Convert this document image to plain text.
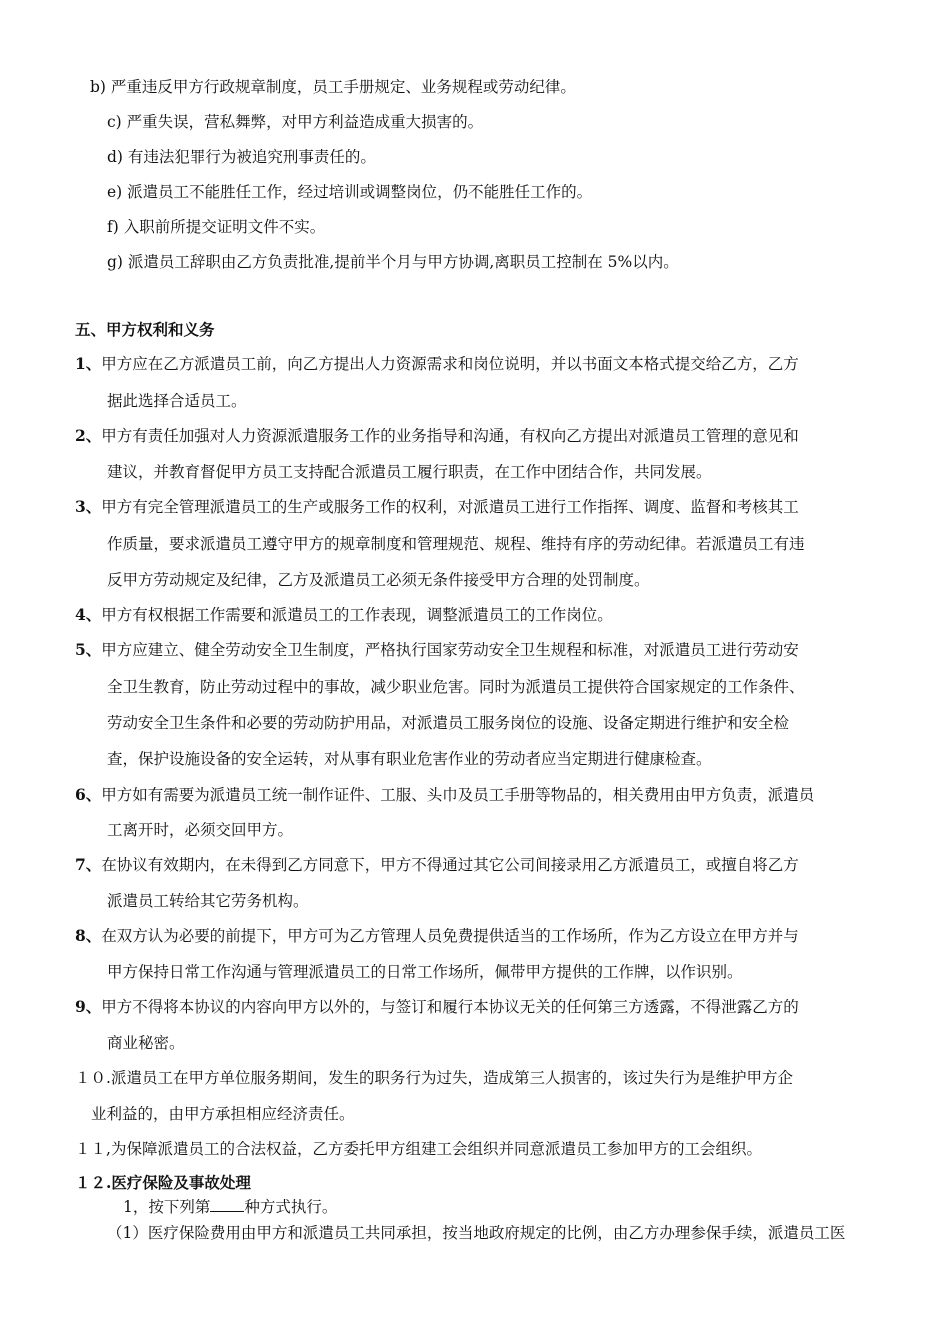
b) 严重违反甲方行政规章制度，员工手册规定、业务规程或劳动纪律。
c) 严重失误，营私舞弊，对甲方利益造成重大损害的。
d) 有违法犯罪行为被追究刑事责任的。
e) 派遣员工不能胜任工作，经过培训或调整岗位，仍不能胜任工作的。
f) 入职前所提交证明文件不实。
g) 派遣员工辞职由乙方负责批准,提前半个月与甲方协调,离职员工控制在 5%以内。
五、甲方权利和义务
1、甲方应在乙方派遣员工前，向乙方提出人力资源需求和岗位说明，并以书面文本格式提交给乙方，乙方
据此选择合适员工。
2、甲方有责任加强对人力资源派遣服务工作的业务指导和沟通，有权向乙方提出对派遣员工管理的意见和
建议，并教育督促甲方员工支持配合派遣员工履行职责，在工作中团结合作，共同发展。
3、甲方有完全管理派遣员工的生产或服务工作的权利，对派遣员工进行工作指挥、调度、监督和考核其工
作质量，要求派遣员工遵守甲方的规章制度和管理规范、规程、维持有序的劳动纪律。若派遣员工有违
反甲方劳动规定及纪律，乙方及派遣员工必须无条件接受甲方合理的处罚制度。
4、甲方有权根据工作需要和派遣员工的工作表现，调整派遣员工的工作岗位。
5、甲方应建立、健全劳动安全卫生制度，严格执行国家劳动安全卫生规程和标准，对派遣员工进行劳动安
全卫生教育，防止劳动过程中的事故，减少职业危害。同时为派遣员工提供符合国家规定的工作条件、
劳动安全卫生条件和必要的劳动防护用品，对派遣员工服务岗位的设施、设备定期进行维护和安全检
查，保护设施设备的安全运转，对从事有职业危害作业的劳动者应当定期进行健康检查。
6、甲方如有需要为派遣员工统一制作证件、工服、头巾及员工手册等物品的，相关费用由甲方负责，派遣员
工离开时，必须交回甲方。
7、在协议有效期内，在未得到乙方同意下，甲方不得通过其它公司间接录用乙方派遣员工，或擅自将乙方
派遣员工转给其它劳务机构。
8、在双方认为必要的前提下，甲方可为乙方管理人员免费提供适当的工作场所，作为乙方设立在甲方并与
甲方保持日常工作沟通与管理派遣员工的日常工作场所，佩带甲方提供的工作牌，以作识别。
9、甲方不得将本协议的内容向甲方以外的，与签订和履行本协议无关的任何第三方透露，不得泄露乙方的
商业秘密。
１０.派遣员工在甲方单位服务期间，发生的职务行为过失，造成第三人损害的，该过失行为是维护甲方企
业利益的，由甲方承担相应经济责任。
１１,为保障派遣员工的合法权益，乙方委托甲方组建工会组织并同意派遣员工参加甲方的工会组织。
１２.医疗保险及事故处理
1，按下列第 种方式执行。
（1）医疗保险费用由甲方和派遣员工共同承担，按当地政府规定的比例，由乙方办理参保手续，派遣员工医
